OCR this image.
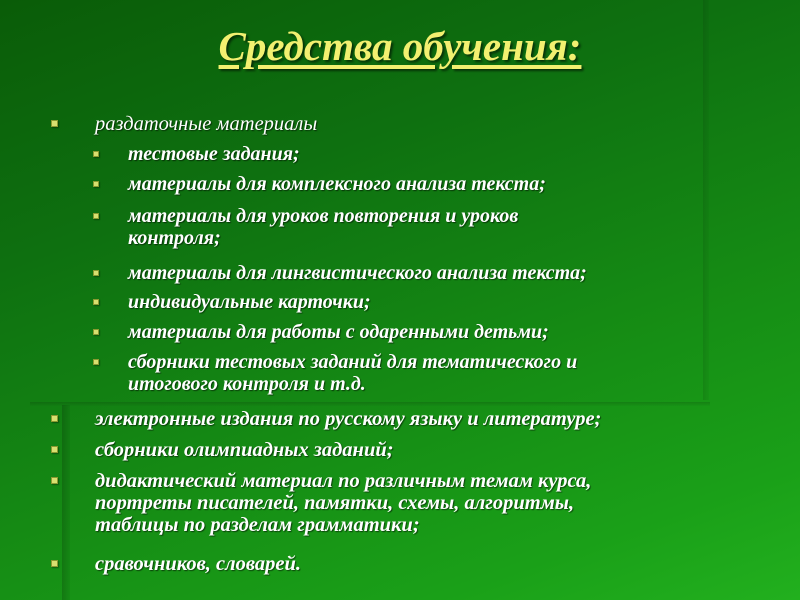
Средства обучения:
раздаточные материалы
тестовые задания;
материалы для комплексного анализа текста;
материалы для уроков повторения и уроков
контроля;
материалы для лингвистического анализа текста;
индивидуальные карточки;
материалы для работы с одаренными детьми;
сборники тестовых заданий для тематического и
итогового контроля и т.д.
электронные издания по русскому языку и литературе;
сборники олимпиадных заданий;
дидактический материал по различным темам курса,
портреты писателей, памятки, схемы, алгоритмы,
таблицы по разделам грамматики;
сравочников, словарей.
